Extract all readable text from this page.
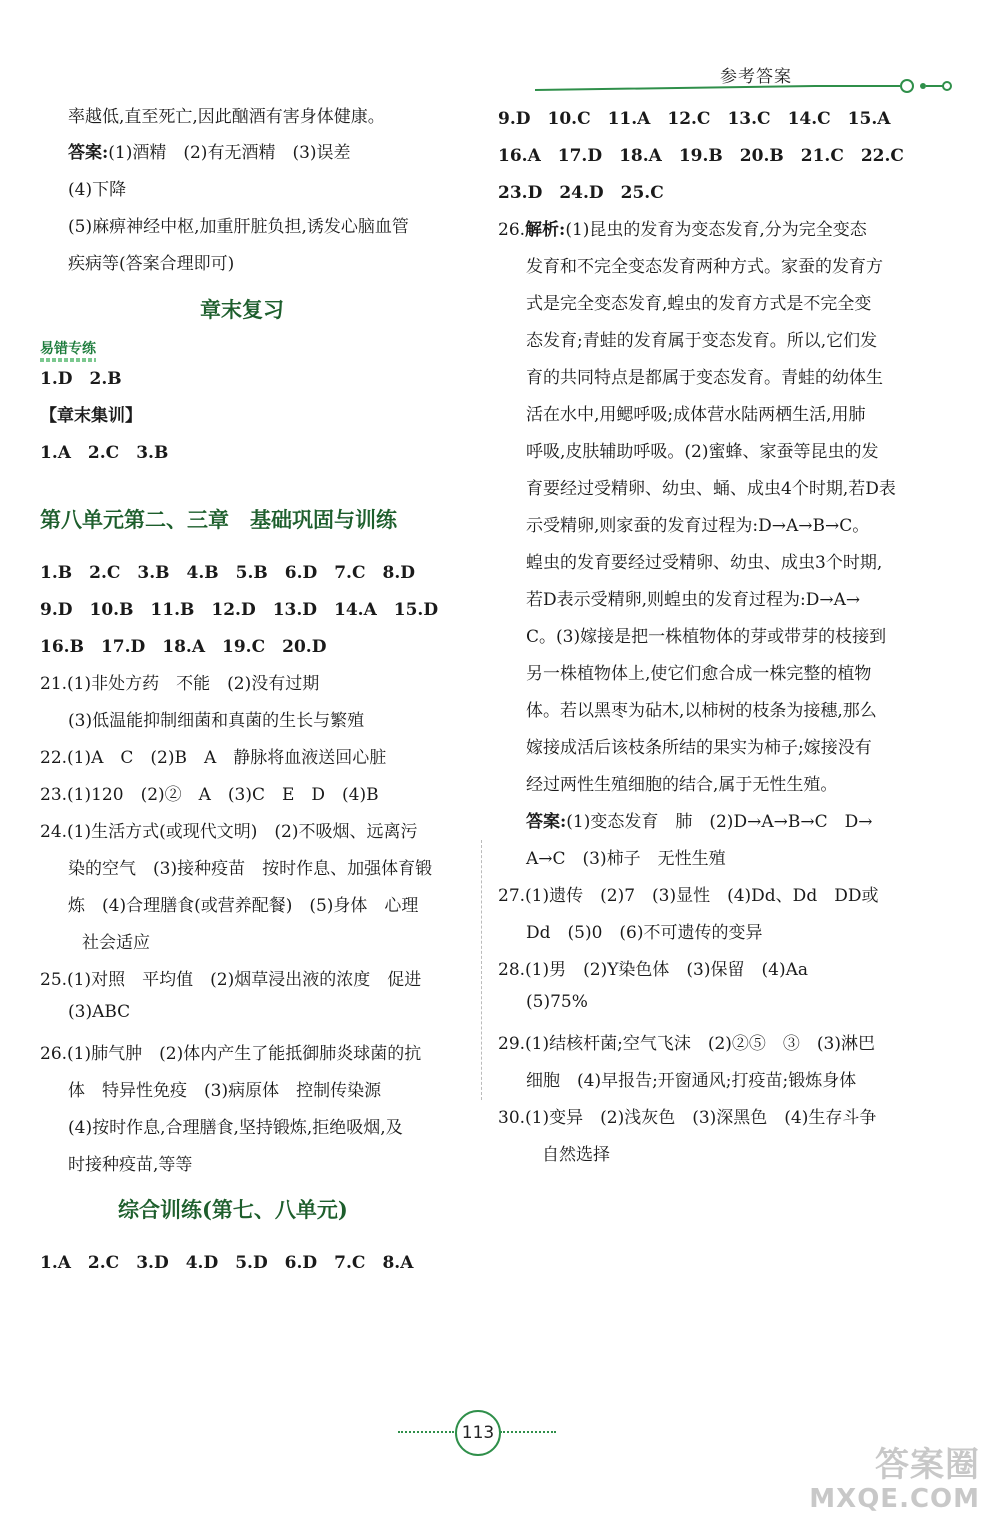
参考答案
率越低,直至死亡,因此酗酒有害身体健康。
答案:(1)酒精　(2)有无酒精　(3)误差
(4)下降
(5)麻痹神经中枢,加重肝脏负担,诱发心脑血管
疾病等(答案合理即可)
章末复习
易错专练
1.D　2.B
【章末集训】
1.A　2.C　3.B
第八单元第二、三章　基础巩固与训练
1.B　2.C　3.B　4.B　5.B　6.D　7.C　8.D
9.D　10.B　11.B　12.D　13.D　14.A　15.D
16.B　17.D　18.A　19.C　20.D
21.(1)非处方药　不能　(2)没有过期
(3)低温能抑制细菌和真菌的生长与繁殖
22.(1)A　C　(2)B　A　静脉将血液送回心脏
23.(1)120　(2)②　A　(3)C　E　D　(4)B
24.(1)生活方式(或现代文明)　(2)不吸烟、远离污
染的空气　(3)接种疫苗　按时作息、加强体育锻
炼　(4)合理膳食(或营养配餐)　(5)身体　心理
社会适应
25.(1)对照　平均值　(2)烟草浸出液的浓度　促进
(3)ABC
26.(1)肺气肿　(2)体内产生了能抵御肺炎球菌的抗
体　特异性免疫　(3)病原体　控制传染源
(4)按时作息,合理膳食,坚持锻炼,拒绝吸烟,及
时接种疫苗,等等
综合训练(第七、八单元)
1.A　2.C　3.D　4.D　5.D　6.D　7.C　8.A
9.D　10.C　11.A　12.C　13.C　14.C　15.A
16.A　17.D　18.A　19.B　20.B　21.C　22.C
23.D　24.D　25.C
26.解析:(1)昆虫的发育为变态发育,分为完全变态
发育和不完全变态发育两种方式。家蚕的发育方
式是完全变态发育,蝗虫的发育方式是不完全变
态发育;青蛙的发育属于变态发育。所以,它们发
育的共同特点是都属于变态发育。青蛙的幼体生
活在水中,用鳃呼吸;成体营水陆两栖生活,用肺
呼吸,皮肤辅助呼吸。(2)蜜蜂、家蚕等昆虫的发
育要经过受精卵、幼虫、蛹、成虫4个时期,若D表
示受精卵,则家蚕的发育过程为:D→A→B→C。
蝗虫的发育要经过受精卵、幼虫、成虫3个时期,
若D表示受精卵,则蝗虫的发育过程为:D→A→
C。(3)嫁接是把一株植物体的芽或带芽的枝接到
另一株植物体上,使它们愈合成一株完整的植物
体。若以黑枣为砧木,以柿树的枝条为接穗,那么
嫁接成活后该枝条所结的果实为柿子;嫁接没有
经过两性生殖细胞的结合,属于无性生殖。
答案:(1)变态发育　肺　(2)D→A→B→C　D→
A→C　(3)柿子　无性生殖
27.(1)遗传　(2)7　(3)显性　(4)Dd、Dd　DD或
Dd　(5)0　(6)不可遗传的变异
28.(1)男　(2)Y染色体　(3)保留　(4)Aa
(5)75%
29.(1)结核杆菌;空气飞沫　(2)②⑤　③　(3)淋巴
细胞　(4)早报告;开窗通风;打疫苗;锻炼身体
30.(1)变异　(2)浅灰色　(3)深黑色　(4)生存斗争
自然选择
113
答案圈
MXQE.COM
